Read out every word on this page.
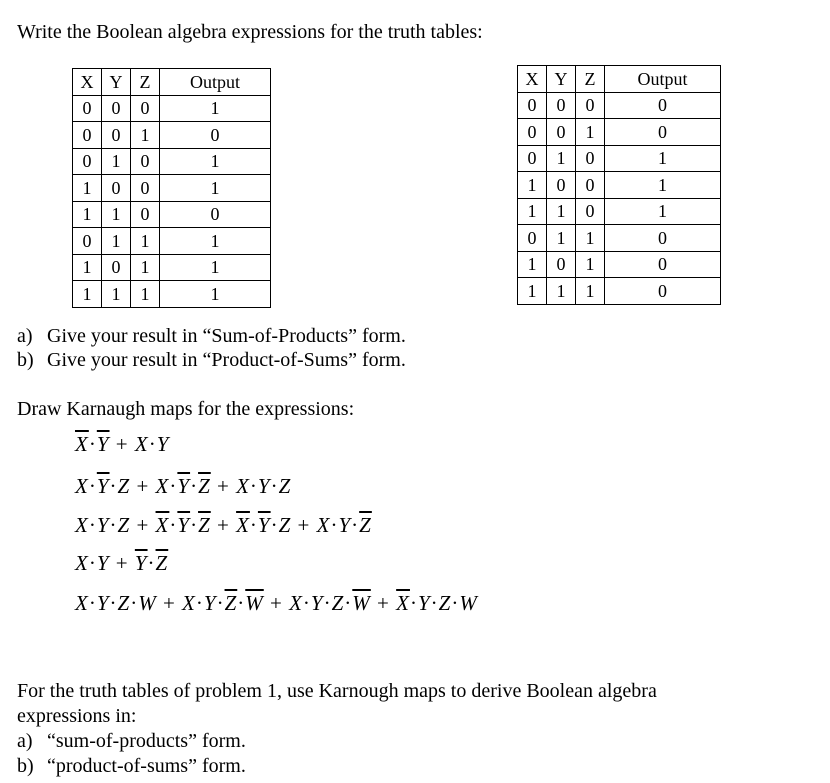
Write the Boolean algebra expressions for the truth tables:
X	Y	Z	Output
0	0	0	1
0	0	1	0
0	1	0	1
1	0	0	1
1	1	0	0
0	1	1	1
1	0	1	1
1	1	1	1
X	Y	Z	Output
0	0	0	0
0	0	1	0
0	1	0	1
1	0	0	1
1	1	0	1
0	1	1	0
1	0	1	0
1	1	1	0
a) Give your result in “Sum-of-Products” form.
b) Give your result in “Product-of-Sums” form.
Draw Karnaugh maps for the expressions:
$\overline{X}\cdot\overline{Y} + X\cdot Y$
$X\cdot\overline{Y}\cdot Z + X\cdot\overline{Y}\cdot\overline{Z} + X\cdot Y\cdot Z$
$X\cdot Y\cdot Z + \overline{X}\cdot\overline{Y}\cdot\overline{Z} + \overline{X}\cdot\overline{Y}\cdot Z + X\cdot Y\cdot\overline{Z}$
$X\cdot Y + \overline{Y}\cdot\overline{Z}$
$X\cdot Y\cdot Z\cdot W + X\cdot Y\cdot\overline{Z}\cdot\overline{W} + X\cdot Y\cdot Z\cdot\overline{W} + \overline{X}\cdot Y\cdot Z\cdot W$
For the truth tables of problem 1, use Karnough maps to derive Boolean algebra
expressions in:
a) “sum-of-products” form.
b) “product-of-sums” form.
